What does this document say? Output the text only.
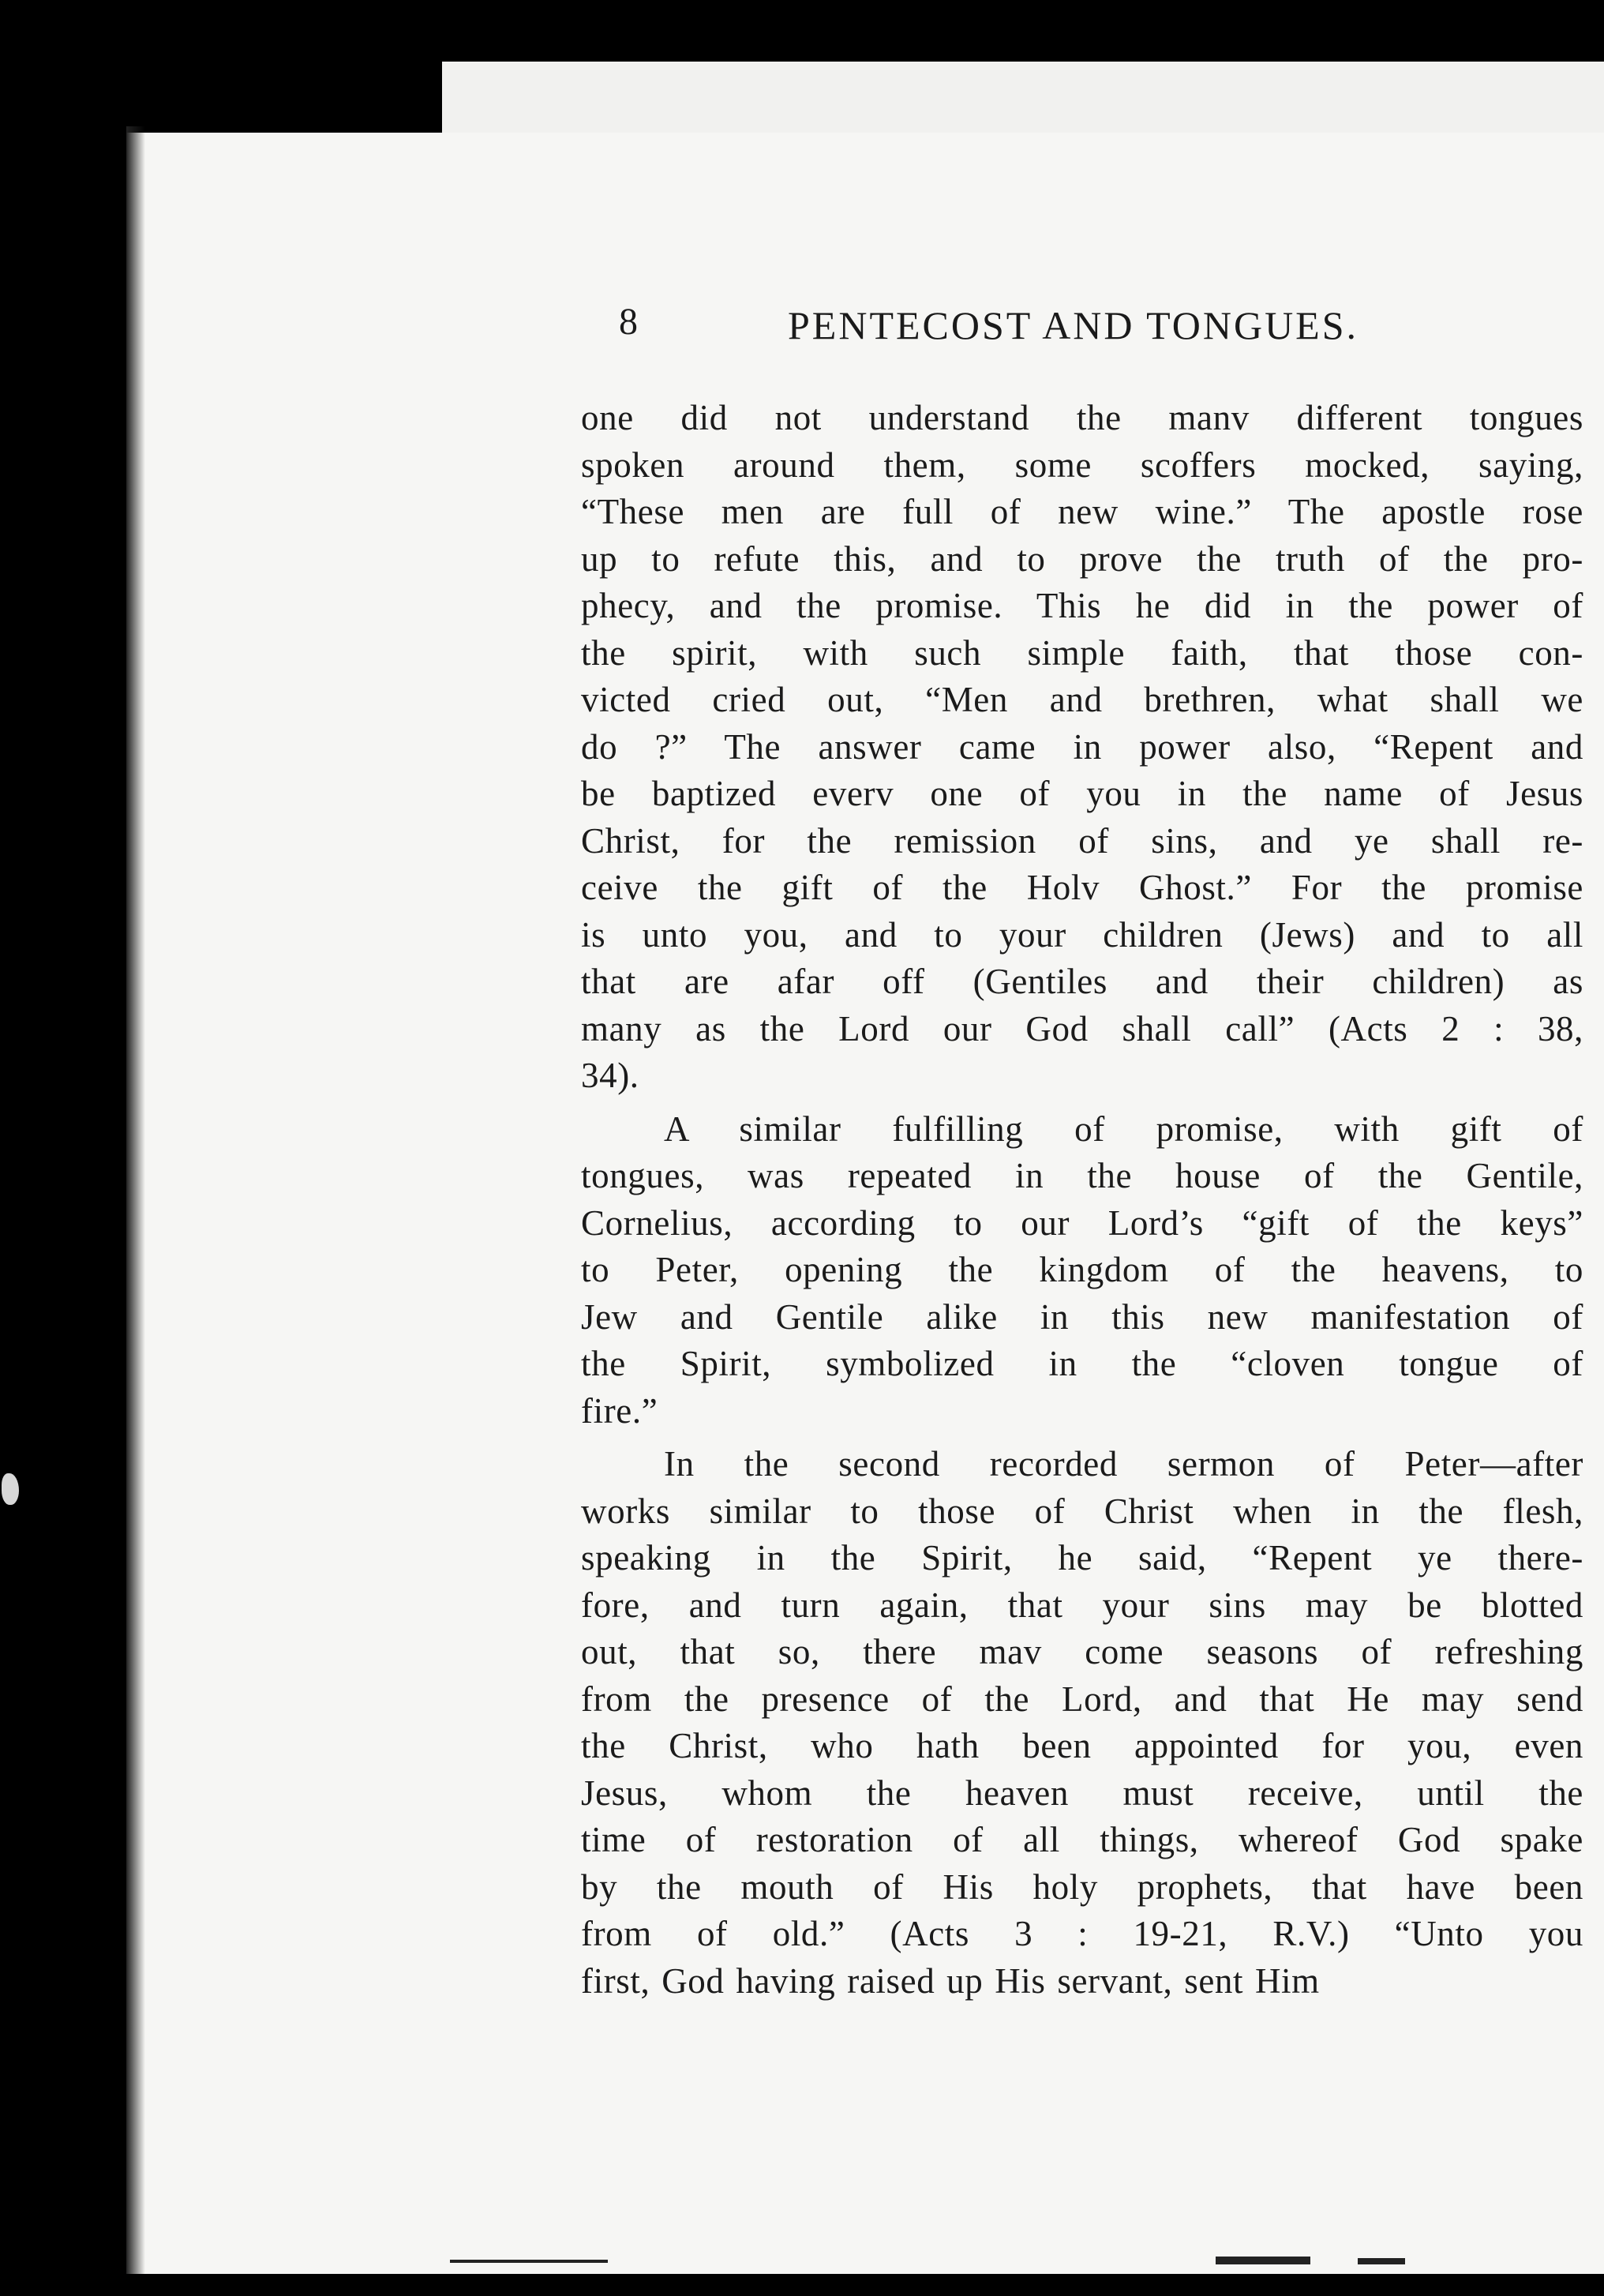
8	PENTECOST AND TONGUES.
one did not understand the manv different tongues
spoken around them, some scoffers mocked, saying,
“These men are full of new wine.” The apostle rose
up to refute this, and to prove the truth of the pro-
phecy, and the promise. This he did in the power of
the spirit, with such simple faith, that those con-
victed cried out, “Men and brethren, what shall we
do ?” The answer came in power also, “Repent and
be baptized everv one of you in the name of Jesus
Christ, for the remission of sins, and ye shall re-
ceive the gift of the Holv Ghost.” For the promise
is unto you, and to your children (Jews) and to all
that are afar off (Gentiles and their children) as
many as the Lord our God shall call” (Acts 2 : 38,
34).
A similar fulfilling of promise, with gift of
tongues, was repeated in the house of the Gentile,
Cornelius, according to our Lord’s “gift of the keys”
to Peter, opening the kingdom of the heavens, to
Jew and Gentile alike in this new manifestation of
the Spirit, symbolized in the “cloven tongue of
fire.”
In the second recorded sermon of Peter—after
works similar to those of Christ when in the flesh,
speaking in the Spirit, he said, “Repent ye there-
fore, and turn again, that your sins may be blotted
out, that so, there mav come seasons of refreshing
from the presence of the Lord, and that He may send
the Christ, who hath been appointed for you, even
Jesus, whom the heaven must receive, until the
time of restoration of all things, whereof God spake
by the mouth of His holy prophets, that have been
from of old.” (Acts 3 : 19-21, R.V.) “Unto you
first, God having raised up His servant, sent Him
